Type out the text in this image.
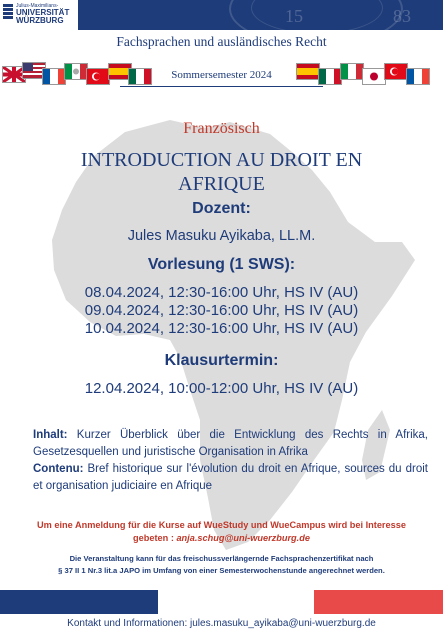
15	83
Julius-Maximilians-
UNIVERSITÄT
WÜRZBURG
Fachsprachen und ausländisches Recht
Sommersemester 2024
Französisch
INTRODUCTION AU DROIT EN
AFRIQUE
Dozent:
Jules Masuku Ayikaba, LL.M.
Vorlesung (1 SWS):
08.04.2024, 12:30-16:00 Uhr, HS IV (AU)
09.04.2024, 12:30-16:00 Uhr, HS IV (AU)
10.04.2024, 12:30-16:00 Uhr, HS IV (AU)
Klausurtermin:
12.04.2024, 10:00-12:00 Uhr, HS IV (AU)
Inhalt: Kurzer Überblick über die Entwicklung des Rechts in Afrika, Gesetzesquellen und juristische Organisation in Afrika
Contenu: Bref historique sur l'évolution du droit en Afrique, sources du droit et organisation judiciaire en Afrique
Um eine Anmeldung für die Kurse auf WueStudy und WueCampus wird bei Interesse
gebeten : anja.schug@uni-wuerzburg.de
Die Veranstaltung kann für das freischussverlängernde Fachsprachenzertifikat nach
§ 37 II 1 Nr.3 lit.a JAPO im Umfang von einer Semesterwochenstunde angerechnet werden.
Kontakt und Informationen: jules.masuku_ayikaba@uni-wuerzburg.de
